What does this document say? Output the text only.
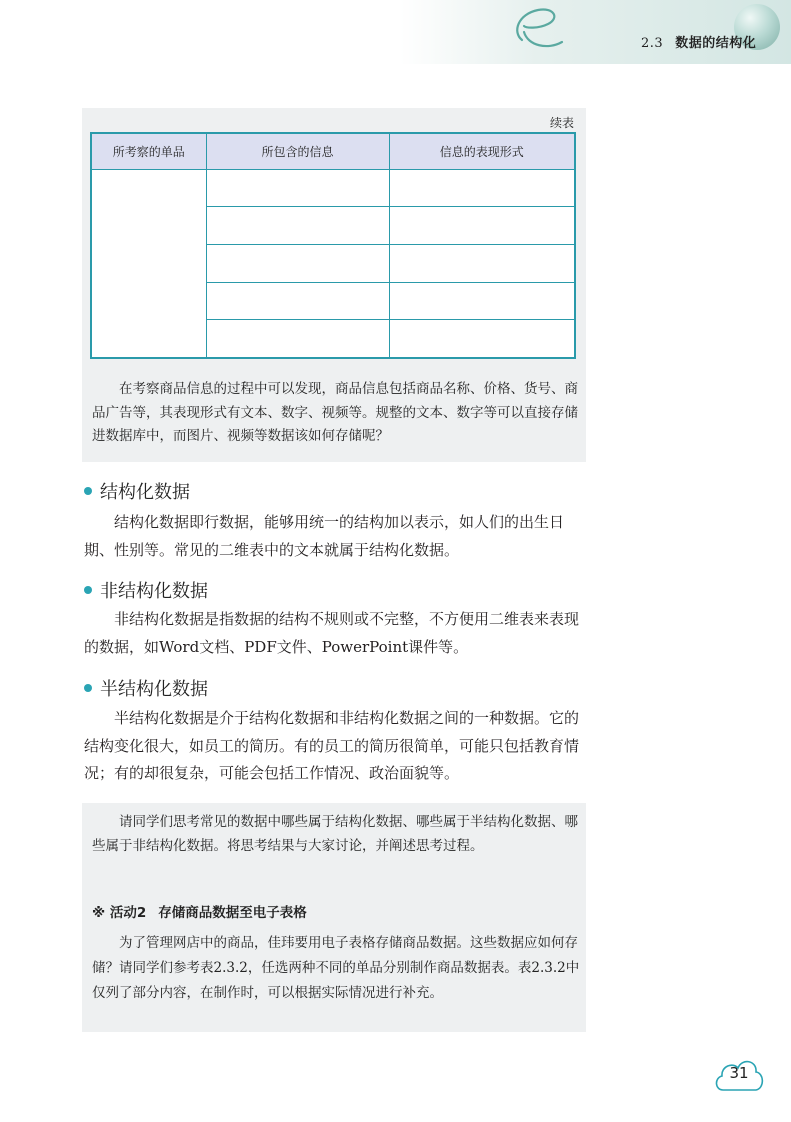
2.3 数据的结构化
续表
所考察的单品	所包含的信息	信息的表现形式

在考察商品信息的过程中可以发现，商品信息包括商品名称、价格、货号、商品广告等，其表现形式有文本、数字、视频等。规整的文本、数字等可以直接存储进数据库中，而图片、视频等数据该如何存储呢？
结构化数据
结构化数据即行数据，能够用统一的结构加以表示，如人们的出生日期、性别等。常见的二维表中的文本就属于结构化数据。
非结构化数据
非结构化数据是指数据的结构不规则或不完整，不方便用二维表来表现的数据，如Word文档、PDF文件、PowerPoint课件等。
半结构化数据
半结构化数据是介于结构化数据和非结构化数据之间的一种数据。它的结构变化很大，如员工的简历。有的员工的简历很简单，可能只包括教育情况；有的却很复杂，可能会包括工作情况、政治面貌等。
请同学们思考常见的数据中哪些属于结构化数据、哪些属于半结构化数据、哪些属于非结构化数据。将思考结果与大家讨论，并阐述思考过程。
※ 活动2 存储商品数据至电子表格
为了管理网店中的商品，佳玮要用电子表格存储商品数据。这些数据应如何存储？请同学们参考表2.3.2，任选两种不同的单品分别制作商品数据表。表2.3.2中仅列了部分内容，在制作时，可以根据实际情况进行补充。
31
